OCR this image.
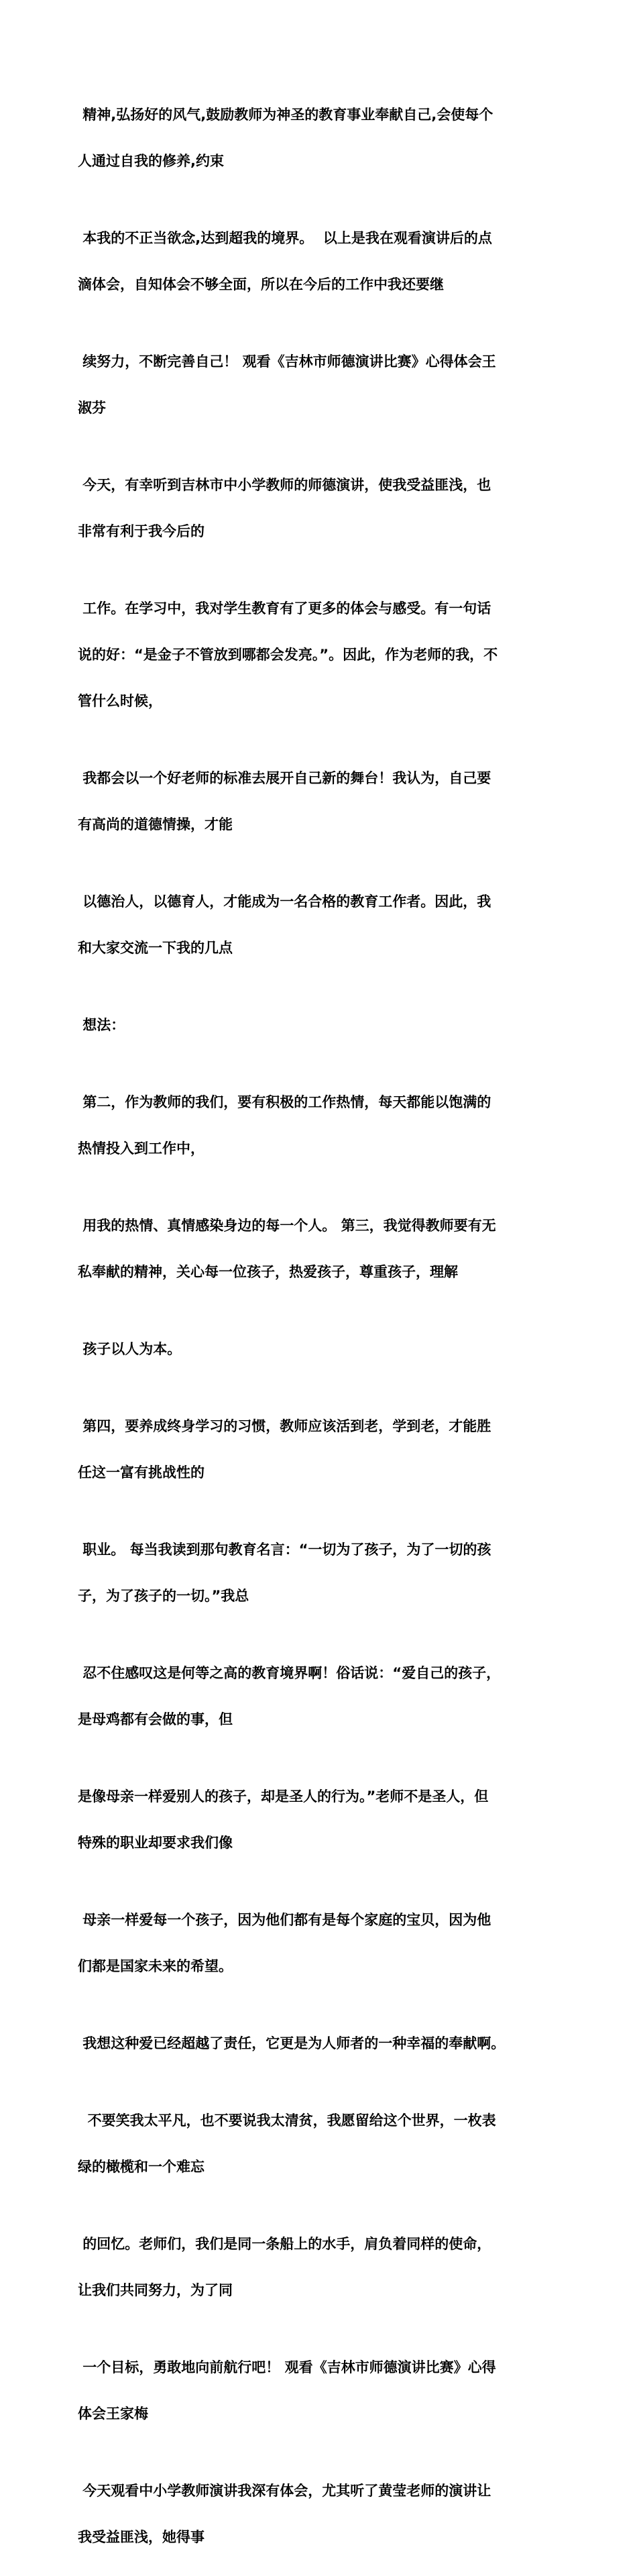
精神,弘扬好的风气,鼓励教师为神圣的教育事业奉献自己,会使每个

人通过自我的修养,约束

本我的不正当欲念,达到超我的境界。  以上是我在观看演讲后的点

滴体会，自知体会不够全面，所以在今后的工作中我还要继

续努力，不断完善自己！ 观看《吉林市师德演讲比赛》心得体会王

淑芬

今天，有幸听到吉林市中小学教师的师德演讲，使我受益匪浅，也

非常有利于我今后的

工作。在学习中，我对学生教育有了更多的体会与感受。有一句话

说的好：“是金子不管放到哪都会发亮。”。因此，作为老师的我，不

管什么时候，

我都会以一个好老师的标准去展开自己新的舞台！我认为，自己要

有高尚的道德情操，才能

以德治人，以德育人，才能成为一名合格的教育工作者。因此，我

和大家交流一下我的几点

想法：

第二，作为教师的我们，要有积极的工作热情，每天都能以饱满的

热情投入到工作中，

用我的热情、真情感染身边的每一个人。 第三，我觉得教师要有无

私奉献的精神，关心每一位孩子，热爱孩子，尊重孩子，理解

孩子以人为本。

第四，要养成终身学习的习惯，教师应该活到老，学到老，才能胜

任这一富有挑战性的

职业。 每当我读到那句教育名言：“一切为了孩子，为了一切的孩

子，为了孩子的一切。”我总

忍不住感叹这是何等之高的教育境界啊！俗话说：“爱自己的孩子，

是母鸡都有会做的事，但

是像母亲一样爱别人的孩子，却是圣人的行为。”老师不是圣人，但

特殊的职业却要求我们像

母亲一样爱每一个孩子，因为他们都有是每个家庭的宝贝，因为他

们都是国家未来的希望。

我想这种爱已经超越了责任，它更是为人师者的一种幸福的奉献啊。

不要笑我太平凡，也不要说我太清贫，我愿留给这个世界，一枚表

绿的橄榄和一个难忘

的回忆。老师们，我们是同一条船上的水手，肩负着同样的使命，

让我们共同努力，为了同

一个目标，勇敢地向前航行吧！ 观看《吉林市师德演讲比赛》心得

体会王家梅

今天观看中小学教师演讲我深有体会，尤其听了黄莹老师的演讲让

我受益匪浅，她得事
